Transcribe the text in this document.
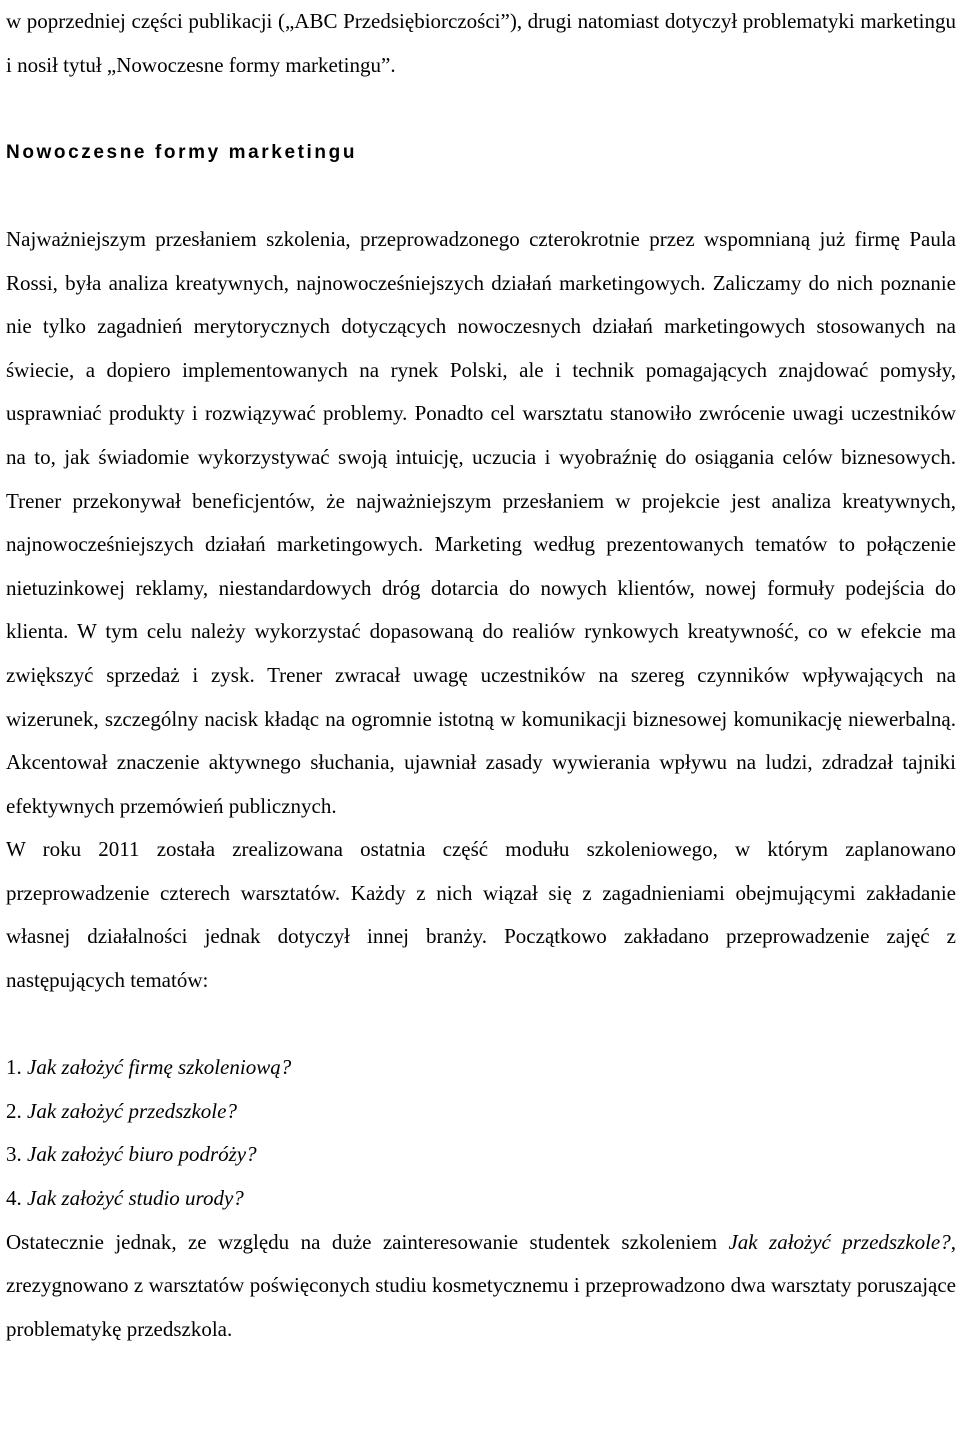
w poprzedniej części publikacji („ABC Przedsiębiorczości”), drugi natomiast dotyczył problematyki marketingu i nosił tytuł „Nowoczesne formy marketingu”.

Nowoczesne formy marketingu

Najważniejszym przesłaniem szkolenia, przeprowadzonego czterokrotnie przez wspomnianą już firmę Paula Rossi, była analiza kreatywnych, najnowocześniejszych działań marketingowych. Zaliczamy do nich poznanie nie tylko zagadnień merytorycznych dotyczących nowoczesnych działań marketingowych stosowanych na świecie, a dopiero implementowanych na rynek Polski, ale i technik pomagających znajdować pomysły, usprawniać produkty i rozwiązywać problemy. Ponadto cel warsztatu stanowiło zwrócenie uwagi uczestników na to, jak świadomie wykorzystywać swoją intuicję, uczucia i wyobraźnię do osiągania celów biznesowych. Trener przekonywał beneficjentów, że najważniejszym przesłaniem w projekcie jest analiza kreatywnych, najnowocześniejszych działań marketingowych. Marketing według prezentowanych tematów to połączenie nietuzinkowej reklamy, niestandardowych dróg dotarcia do nowych klientów, nowej formuły podejścia do klienta. W tym celu należy wykorzystać dopasowaną do realiów rynkowych kreatywność, co w efekcie ma zwiększyć sprzedaż i zysk. Trener zwracał uwagę uczestników na szereg czynników wpływających na wizerunek, szczególny nacisk kładąc na ogromnie istotną w komunikacji biznesowej komunikację niewerbalną. Akcentował znaczenie aktywnego słuchania, ujawniał zasady wywierania wpływu na ludzi, zdradzał tajniki efektywnych przemówień publicznych.

W roku 2011 została zrealizowana ostatnia część modułu szkoleniowego, w którym zaplanowano przeprowadzenie czterech warsztatów. Każdy z nich wiązał się z zagadnieniami obejmującymi zakładanie własnej działalności jednak dotyczył innej branży. Początkowo zakładano przeprowadzenie zajęć z następujących tematów:

1. Jak założyć firmę szkoleniową?
2. Jak założyć przedszkole?
3. Jak założyć biuro podróży?
4. Jak założyć studio urody?

Ostatecznie jednak, ze względu na duże zainteresowanie studentek szkoleniem Jak założyć przedszkole?, zrezygnowano z warsztatów poświęconych studiu kosmetycznemu i przeprowadzono dwa warsztaty poruszające problematykę przedszkola.
